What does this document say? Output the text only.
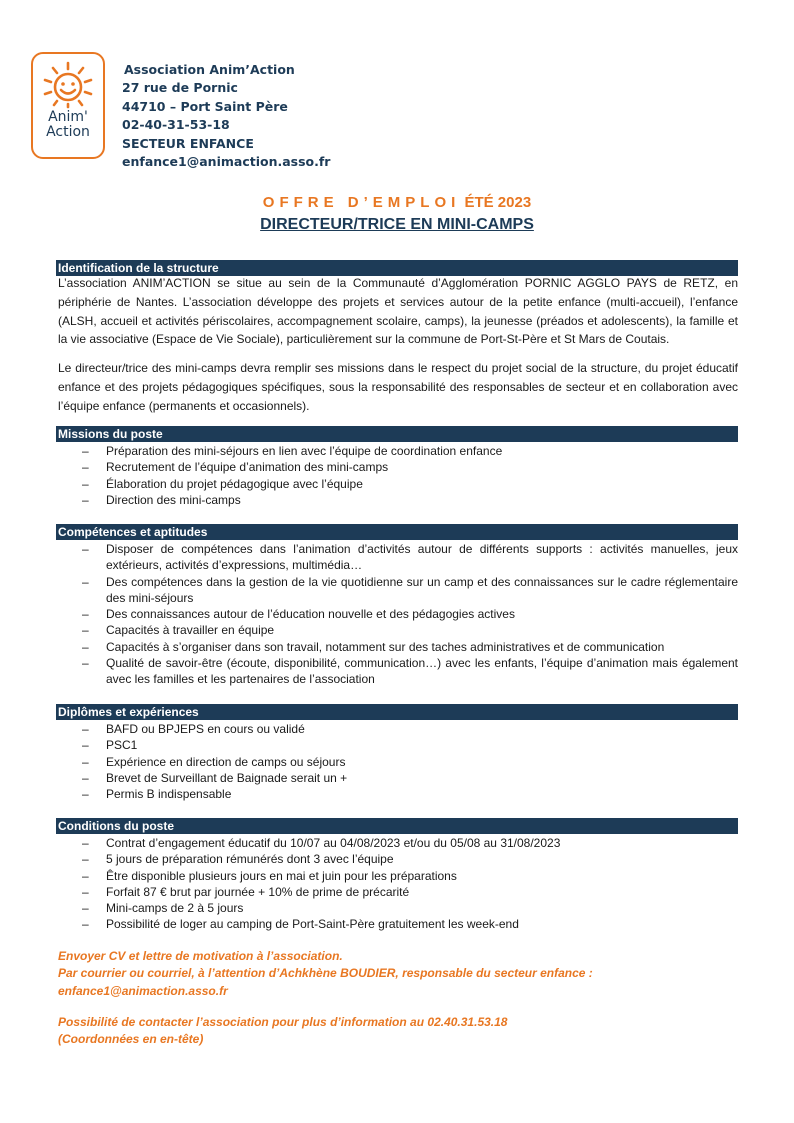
Anim'
Action
Association Anim’Action
27 rue de Pornic
44710 – Port Saint Père
02-40-31-53-18
SECTEUR ENFANCE
enfance1@animaction.asso.fr
OFFRE D’EMPLOI ÉTÉ 2023
DIRECTEUR/TRICE EN MINI-CAMPS
Identification de la structure
L’association ANIM’ACTION se situe au sein de la Communauté d’Agglomération PORNIC AGGLO PAYS de RETZ, en périphérie de Nantes. L’association développe des projets et services autour de la petite enfance (multi-accueil), l’enfance (ALSH, accueil et activités périscolaires, accompagnement scolaire, camps), la jeunesse (préados et adolescents), la famille et la vie associative (Espace de Vie Sociale), particulièrement sur la commune de Port-St-Père et St Mars de Coutais.
Le directeur/trice des mini-camps devra remplir ses missions dans le respect du projet social de la structure, du projet éducatif enfance et des projets pédagogiques spécifiques, sous la responsabilité des responsables de secteur et en collaboration avec l’équipe enfance (permanents et occasionnels).
Missions du poste
– Préparation des mini-séjours en lien avec l’équipe de coordination enfance
– Recrutement de l’équipe d’animation des mini-camps
– Élaboration du projet pédagogique avec l’équipe
– Direction des mini-camps
Compétences et aptitudes
– Disposer de compétences dans l’animation d’activités autour de différents supports : activités manuelles, jeux extérieurs, activités d’expressions, multimédia…
– Des compétences dans la gestion de la vie quotidienne sur un camp et des connaissances sur le cadre réglementaire des mini-séjours
– Des connaissances autour de l’éducation nouvelle et des pédagogies actives
– Capacités à travailler en équipe
– Capacités à s’organiser dans son travail, notamment sur des taches administratives et de communication
– Qualité de savoir-être (écoute, disponibilité, communication…) avec les enfants, l’équipe d’animation mais également avec les familles et les partenaires de l’association
Diplômes et expériences
– BAFD ou BPJEPS en cours ou validé
– PSC1
– Expérience en direction de camps ou séjours
– Brevet de Surveillant de Baignade serait un +
– Permis B indispensable
Conditions du poste
– Contrat d’engagement éducatif du 10/07 au 04/08/2023 et/ou du 05/08 au 31/08/2023
– 5 jours de préparation rémunérés dont 3 avec l’équipe
– Être disponible plusieurs jours en mai et juin pour les préparations
– Forfait 87 € brut par journée + 10% de prime de précarité
– Mini-camps de 2 à 5 jours
– Possibilité de loger au camping de Port-Saint-Père gratuitement les week-end
Envoyer CV et lettre de motivation à l’association.
Par courrier ou courriel, à l’attention d’Achkhène BOUDIER, responsable du secteur enfance :
enfance1@animaction.asso.fr
Possibilité de contacter l’association pour plus d’information au 02.40.31.53.18
(Coordonnées en en-tête)
